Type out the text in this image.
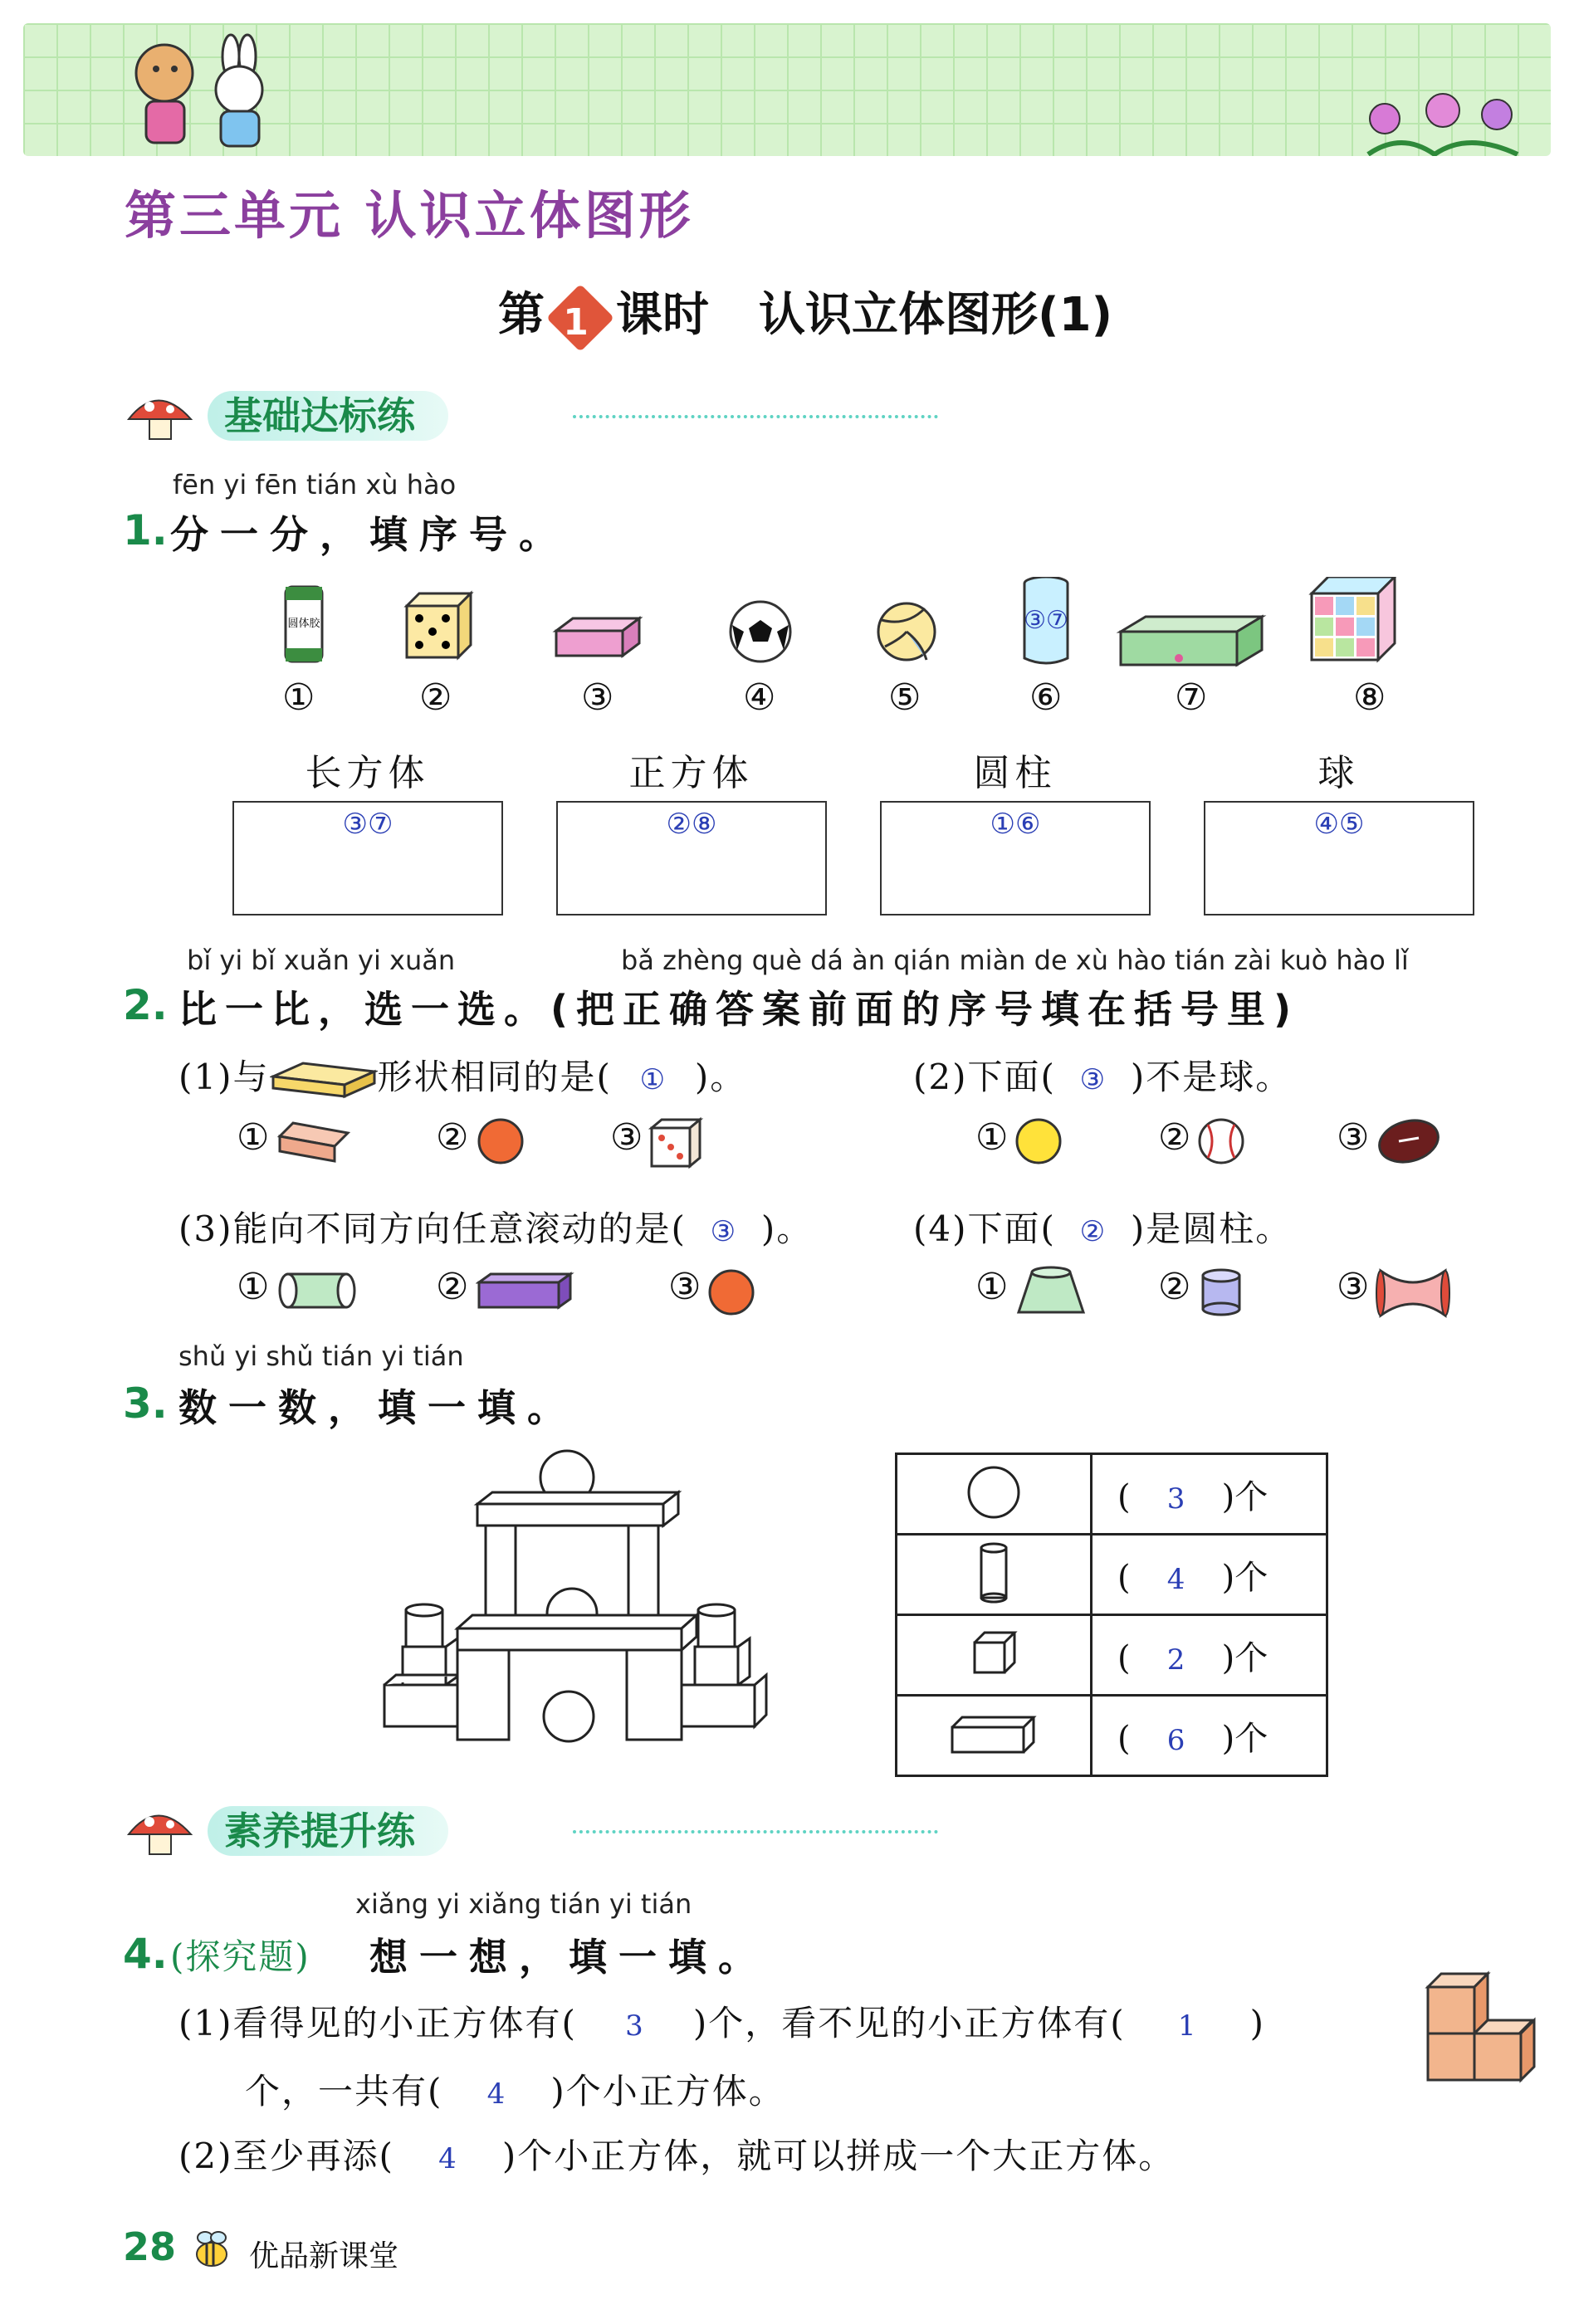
第三单元 认识立体图形
第 1 课时 认识立体图形(1)
基础达标练
fēn yi fēn tián xù hào
1. 分一分，填序号。
圆体胶	③⑦
①	②	③	④	⑤	⑥	⑦	⑧
长方体
③⑦
正方体
②⑧
圆柱
①⑥
球
④⑤
bǐ yi bǐ xuǎn yi xuǎn	bǎ zhèng què dá àn qián miàn de xù hào tián zài kuò hào lǐ
2. 比一比，选一选。(把正确答案前面的序号填在括号里)
(1)与	形状相同的是( ① )。	(2)下面( ③ )不是球。
①	②	③	①	②	③
(3)能向不同方向任意滚动的是( ③ )。	(4)下面( ② )是圆柱。
①	②	③	①	②	③
shǔ yi shǔ tián yi tián
3. 数一数，填一填。
	( 3 )个
	( 4 )个
	( 2 )个
	( 6 )个
素养提升练
xiǎng yi xiǎng tián yi tián
4. (探究题) 想一想，填一填。
(1)看得见的小正方体有( 3 )个，看不见的小正方体有( 1 )
个，一共有( 4 )个小正方体。
(2)至少再添( 4 )个小正方体，就可以拼成一个大正方体。
28 优品新课堂
